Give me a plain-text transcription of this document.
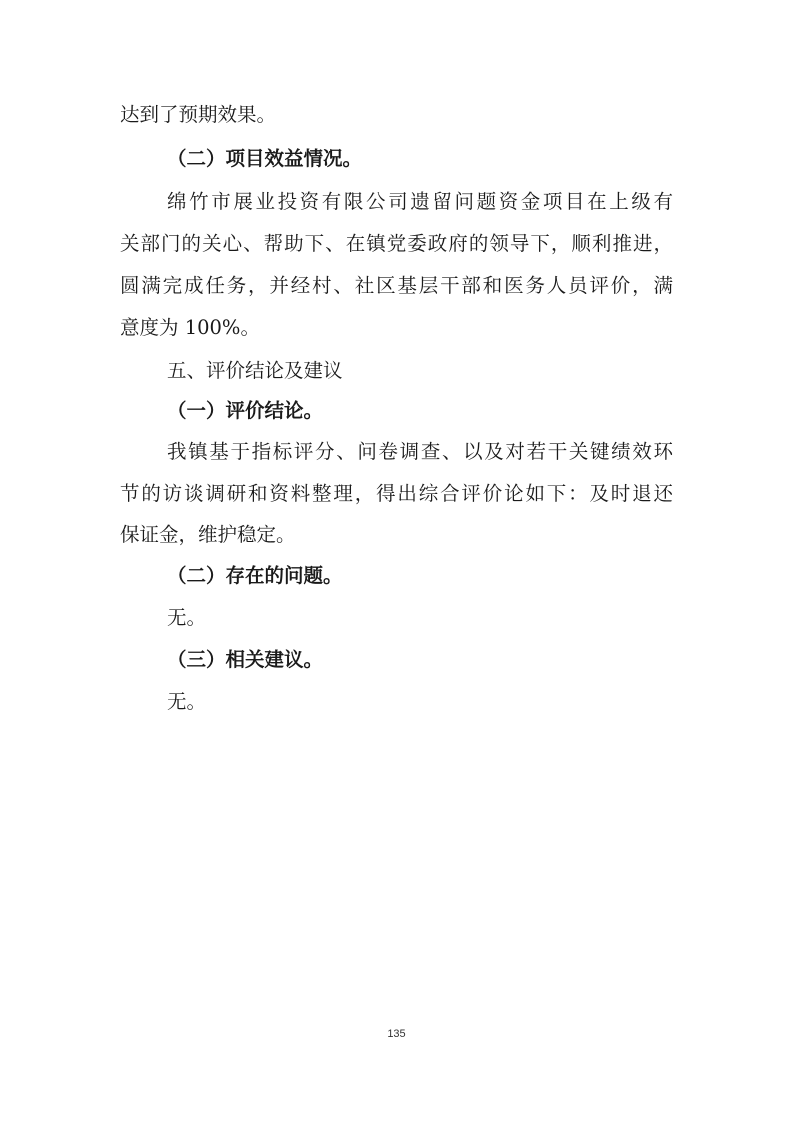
达到了预期效果。
（二）项目效益情况。
绵竹市展业投资有限公司遗留问题资金项目在上级有
关部门的关心、帮助下、在镇党委政府的领导下，顺利推进，
圆满完成任务，并经村、社区基层干部和医务人员评价，满
意度为 100%。
五、评价结论及建议
（一）评价结论。
我镇基于指标评分、问卷调查、以及对若干关键绩效环
节的访谈调研和资料整理，得出综合评价论如下：及时退还
保证金，维护稳定。
（二）存在的问题。
无。
（三）相关建议。
无。
135
